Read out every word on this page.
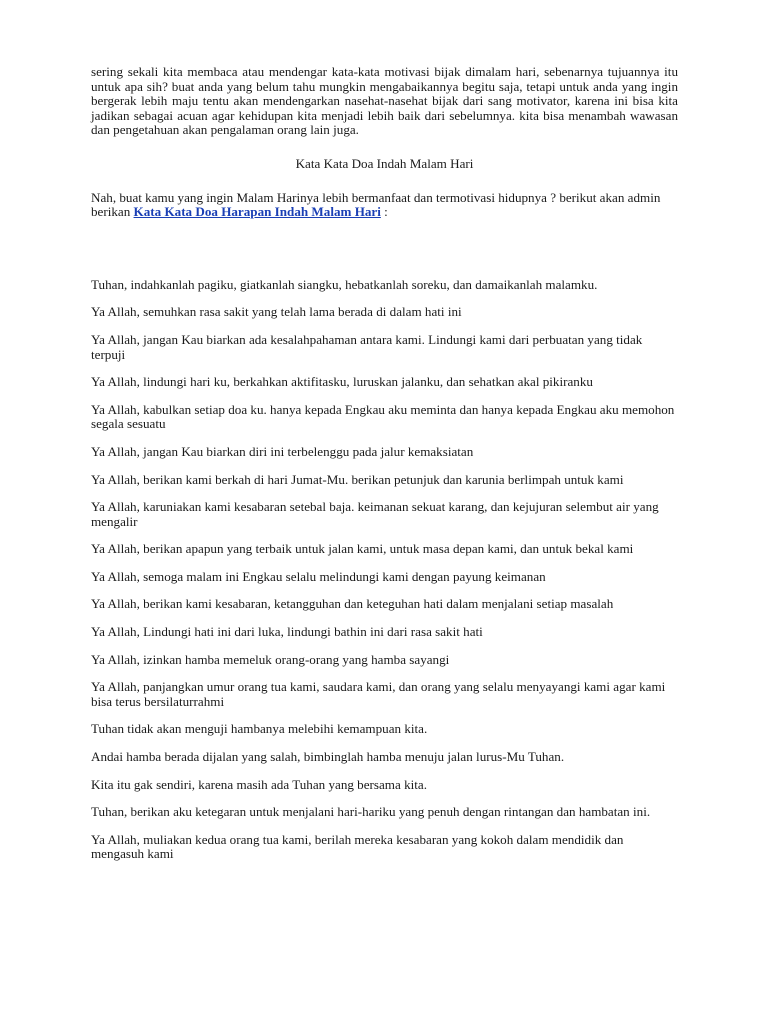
sering sekali kita membaca atau mendengar kata-kata motivasi bijak dimalam hari, sebenarnya tujuannya itu untuk apa sih? buat anda yang belum tahu mungkin mengabaikannya begitu saja, tetapi untuk anda yang ingin bergerak lebih maju tentu akan mendengarkan nasehat-nasehat bijak dari sang motivator, karena ini bisa kita jadikan sebagai acuan agar kehidupan kita menjadi lebih baik dari sebelumnya. kita bisa menambah wawasan dan pengetahuan akan pengalaman orang lain juga.

Kata Kata Doa Indah Malam Hari

Nah, buat kamu yang ingin Malam Harinya lebih bermanfaat dan termotivasi hidupnya ? berikut akan admin berikan Kata Kata Doa Harapan Indah Malam Hari :

Tuhan, indahkanlah pagiku, giatkanlah siangku, hebatkanlah soreku, dan damaikanlah malamku.

Ya Allah, semuhkan rasa sakit yang telah lama berada di dalam hati ini

Ya Allah, jangan Kau biarkan ada kesalahpahaman antara kami. Lindungi kami dari perbuatan yang tidak terpuji

Ya Allah, lindungi hari ku, berkahkan aktifitasku, luruskan jalanku, dan sehatkan akal pikiranku

Ya Allah, kabulkan setiap doa ku. hanya kepada Engkau aku meminta dan hanya kepada Engkau aku memohon segala sesuatu

Ya Allah, jangan Kau biarkan diri ini terbelenggu pada jalur kemaksiatan

Ya Allah, berikan kami berkah di hari Jumat-Mu. berikan petunjuk dan karunia berlimpah untuk kami

Ya Allah, karuniakan kami kesabaran setebal baja. keimanan sekuat karang, dan kejujuran selembut air yang mengalir

Ya Allah, berikan apapun yang terbaik untuk jalan kami, untuk masa depan kami, dan untuk bekal kami

Ya Allah, semoga malam ini Engkau selalu melindungi kami dengan payung keimanan

Ya Allah, berikan kami kesabaran, ketangguhan dan keteguhan hati dalam menjalani setiap masalah

Ya Allah, Lindungi hati ini dari luka, lindungi bathin ini dari rasa sakit hati

Ya Allah, izinkan hamba memeluk orang-orang yang hamba sayangi

Ya Allah, panjangkan umur orang tua kami, saudara kami, dan orang yang selalu menyayangi kami agar kami bisa terus bersilaturrahmi

Tuhan tidak akan menguji hambanya melebihi kemampuan kita.

Andai hamba berada dijalan yang salah, bimbinglah hamba menuju jalan lurus-Mu Tuhan.

Kita itu gak sendiri, karena masih ada Tuhan yang bersama kita.

Tuhan, berikan aku ketegaran untuk menjalani hari-hariku yang penuh dengan rintangan dan hambatan ini.

Ya Allah, muliakan kedua orang tua kami, berilah mereka kesabaran yang kokoh dalam mendidik dan mengasuh kami
